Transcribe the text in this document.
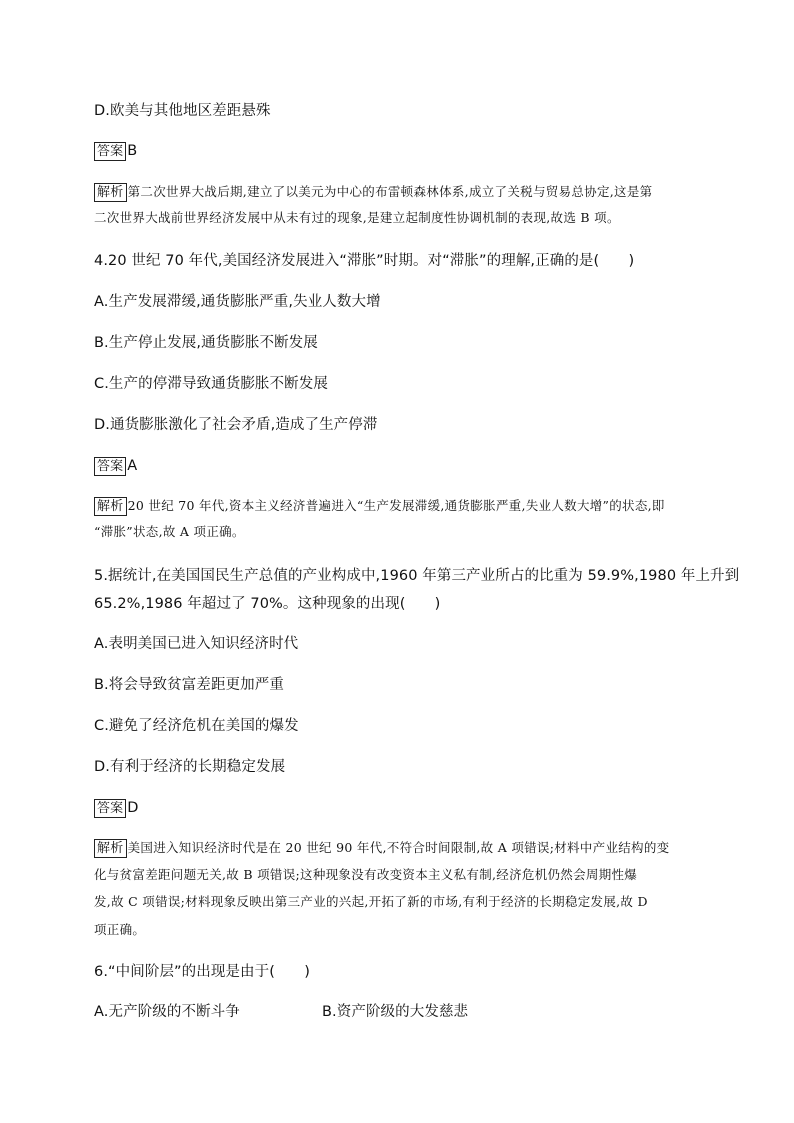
D.欧美与其他地区差距悬殊
答案 B
解析 第二次世界大战后期,建立了以美元为中心的布雷顿森林体系,成立了关税与贸易总协定,这是第
二次世界大战前世界经济发展中从未有过的现象,是建立起制度性协调机制的表现,故选 B 项。
4.20 世纪 70 年代,美国经济发展进入“滞胀”时期。对“滞胀”的理解,正确的是(　　)
A.生产发展滞缓,通货膨胀严重,失业人数大增
B.生产停止发展,通货膨胀不断发展
C.生产的停滞导致通货膨胀不断发展
D.通货膨胀激化了社会矛盾,造成了生产停滞
答案 A
解析 20 世纪 70 年代,资本主义经济普遍进入“生产发展滞缓,通货膨胀严重,失业人数大增”的状态,即
“滞胀”状态,故 A 项正确。
5.据统计,在美国国民生产总值的产业构成中,1960 年第三产业所占的比重为 59.9%,1980 年上升到
65.2%,1986 年超过了 70%。这种现象的出现(　　)
A.表明美国已进入知识经济时代
B.将会导致贫富差距更加严重
C.避免了经济危机在美国的爆发
D.有利于经济的长期稳定发展
答案 D
解析 美国进入知识经济时代是在 20 世纪 90 年代,不符合时间限制,故 A 项错误;材料中产业结构的变
化与贫富差距问题无关,故 B 项错误;这种现象没有改变资本主义私有制,经济危机仍然会周期性爆
发,故 C 项错误;材料现象反映出第三产业的兴起,开拓了新的市场,有利于经济的长期稳定发展,故 D
项正确。
6.“中间阶层”的出现是由于(　　)
A.无产阶级的不断斗争	B.资产阶级的大发慈悲
